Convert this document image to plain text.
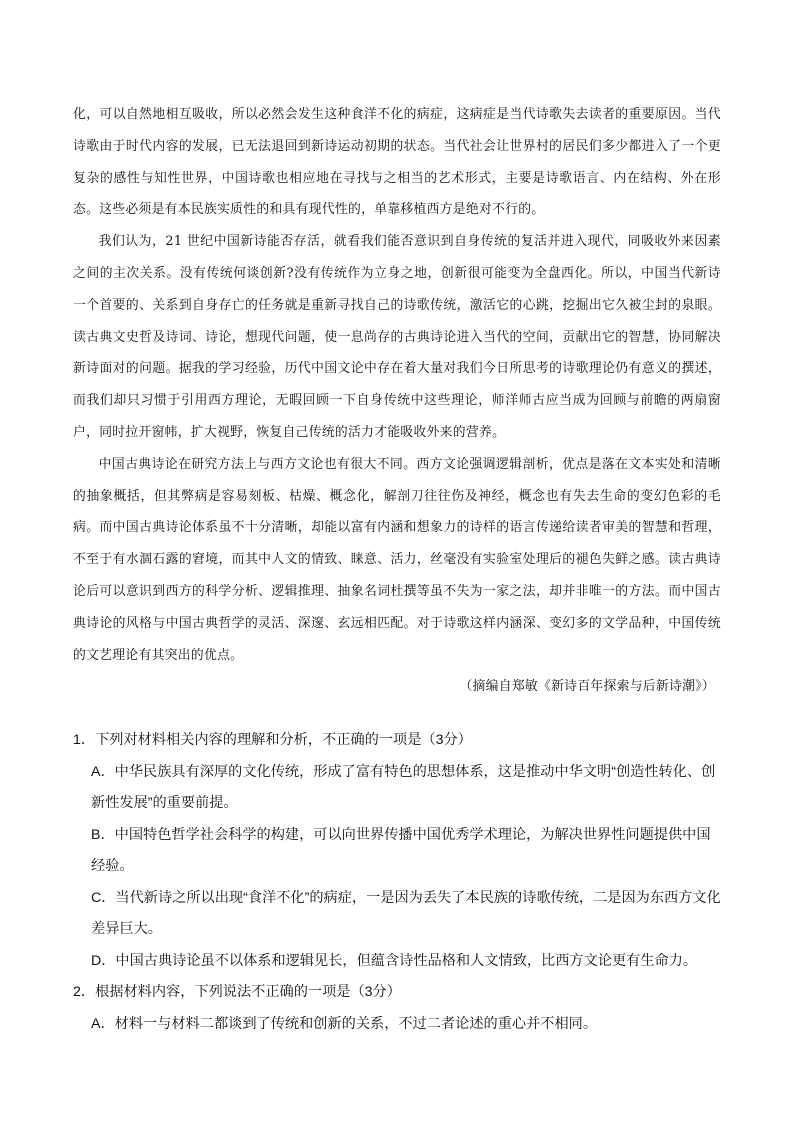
化，可以自然地相互吸收，所以必然会发生这种食洋不化的病症，这病症是当代诗歌失去读者的重要原因。当代诗歌由于时代内容的发展，已无法退回到新诗运动初期的状态。当代社会让世界村的居民们多少都进入了一个更复杂的感性与知性世界，中国诗歌也相应地在寻找与之相当的艺术形式，主要是诗歌语言、内在结构、外在形态。这些必须是有本民族实质性的和具有现代性的，单靠移植西方是绝对不行的。

我们认为，21 世纪中国新诗能否存活，就看我们能否意识到自身传统的复活并进入现代，同吸收外来因素之间的主次关系。没有传统何谈创新?没有传统作为立身之地，创新很可能变为全盘西化。所以，中国当代新诗一个首要的、关系到自身存亡的任务就是重新寻找自己的诗歌传统，激活它的心跳，挖掘出它久被尘封的泉眼。读古典文史哲及诗词、诗论，想现代问题，使一息尚存的古典诗论进入当代的空间，贡献出它的智慧，协同解决新诗面对的问题。据我的学习经验，历代中国文论中存在着大量对我们今日所思考的诗歌理论仍有意义的撰述，而我们却只习惯于引用西方理论，无暇回顾一下自身传统中这些理论，师洋师古应当成为回顾与前瞻的两扇窗户，同时拉开窗帏，扩大视野，恢复自己传统的活力才能吸收外来的营养。

中国古典诗论在研究方法上与西方文论也有很大不同。西方文论强调逻辑剖析，优点是落在文本实处和清晰的抽象概括，但其弊病是容易刻板、枯燥、概念化，解剖刀往往伤及神经，概念也有失去生命的变幻色彩的毛病。而中国古典诗论体系虽不十分清晰，却能以富有内涵和想象力的诗样的语言传递给读者审美的智慧和哲理，不至于有水涸石露的窘境，而其中人文的情致、睐意、活力，丝毫没有实验室处理后的褪色失鲜之感。读古典诗论后可以意识到西方的科学分析、逻辑推理、抽象名词杜撰等虽不失为一家之法，却并非唯一的方法。而中国古典诗论的风格与中国古典哲学的灵活、深邃、玄远相匹配。对于诗歌这样内涵深、变幻多的文学品种，中国传统的文艺理论有其突出的优点。

（摘编自郑敏《新诗百年探索与后新诗潮》）

1．下列对材料相关内容的理解和分析，不正确的一项是（3分）

A．中华民族具有深厚的文化传统，形成了富有特色的思想体系，这是推动中华文明“创造性转化、创新性发展”的重要前提。

B．中国特色哲学社会科学的构建，可以向世界传播中国优秀学术理论，为解决世界性问题提供中国经验。

C．当代新诗之所以出现“食洋不化”的病症，一是因为丢失了本民族的诗歌传统，二是因为东西方文化差异巨大。

D．中国古典诗论虽不以体系和逻辑见长，但蕴含诗性品格和人文情致，比西方文论更有生命力。

2．根据材料内容，下列说法不正确的一项是（3分）

A．材料一与材料二都谈到了传统和创新的关系，不过二者论述的重心并不相同。
